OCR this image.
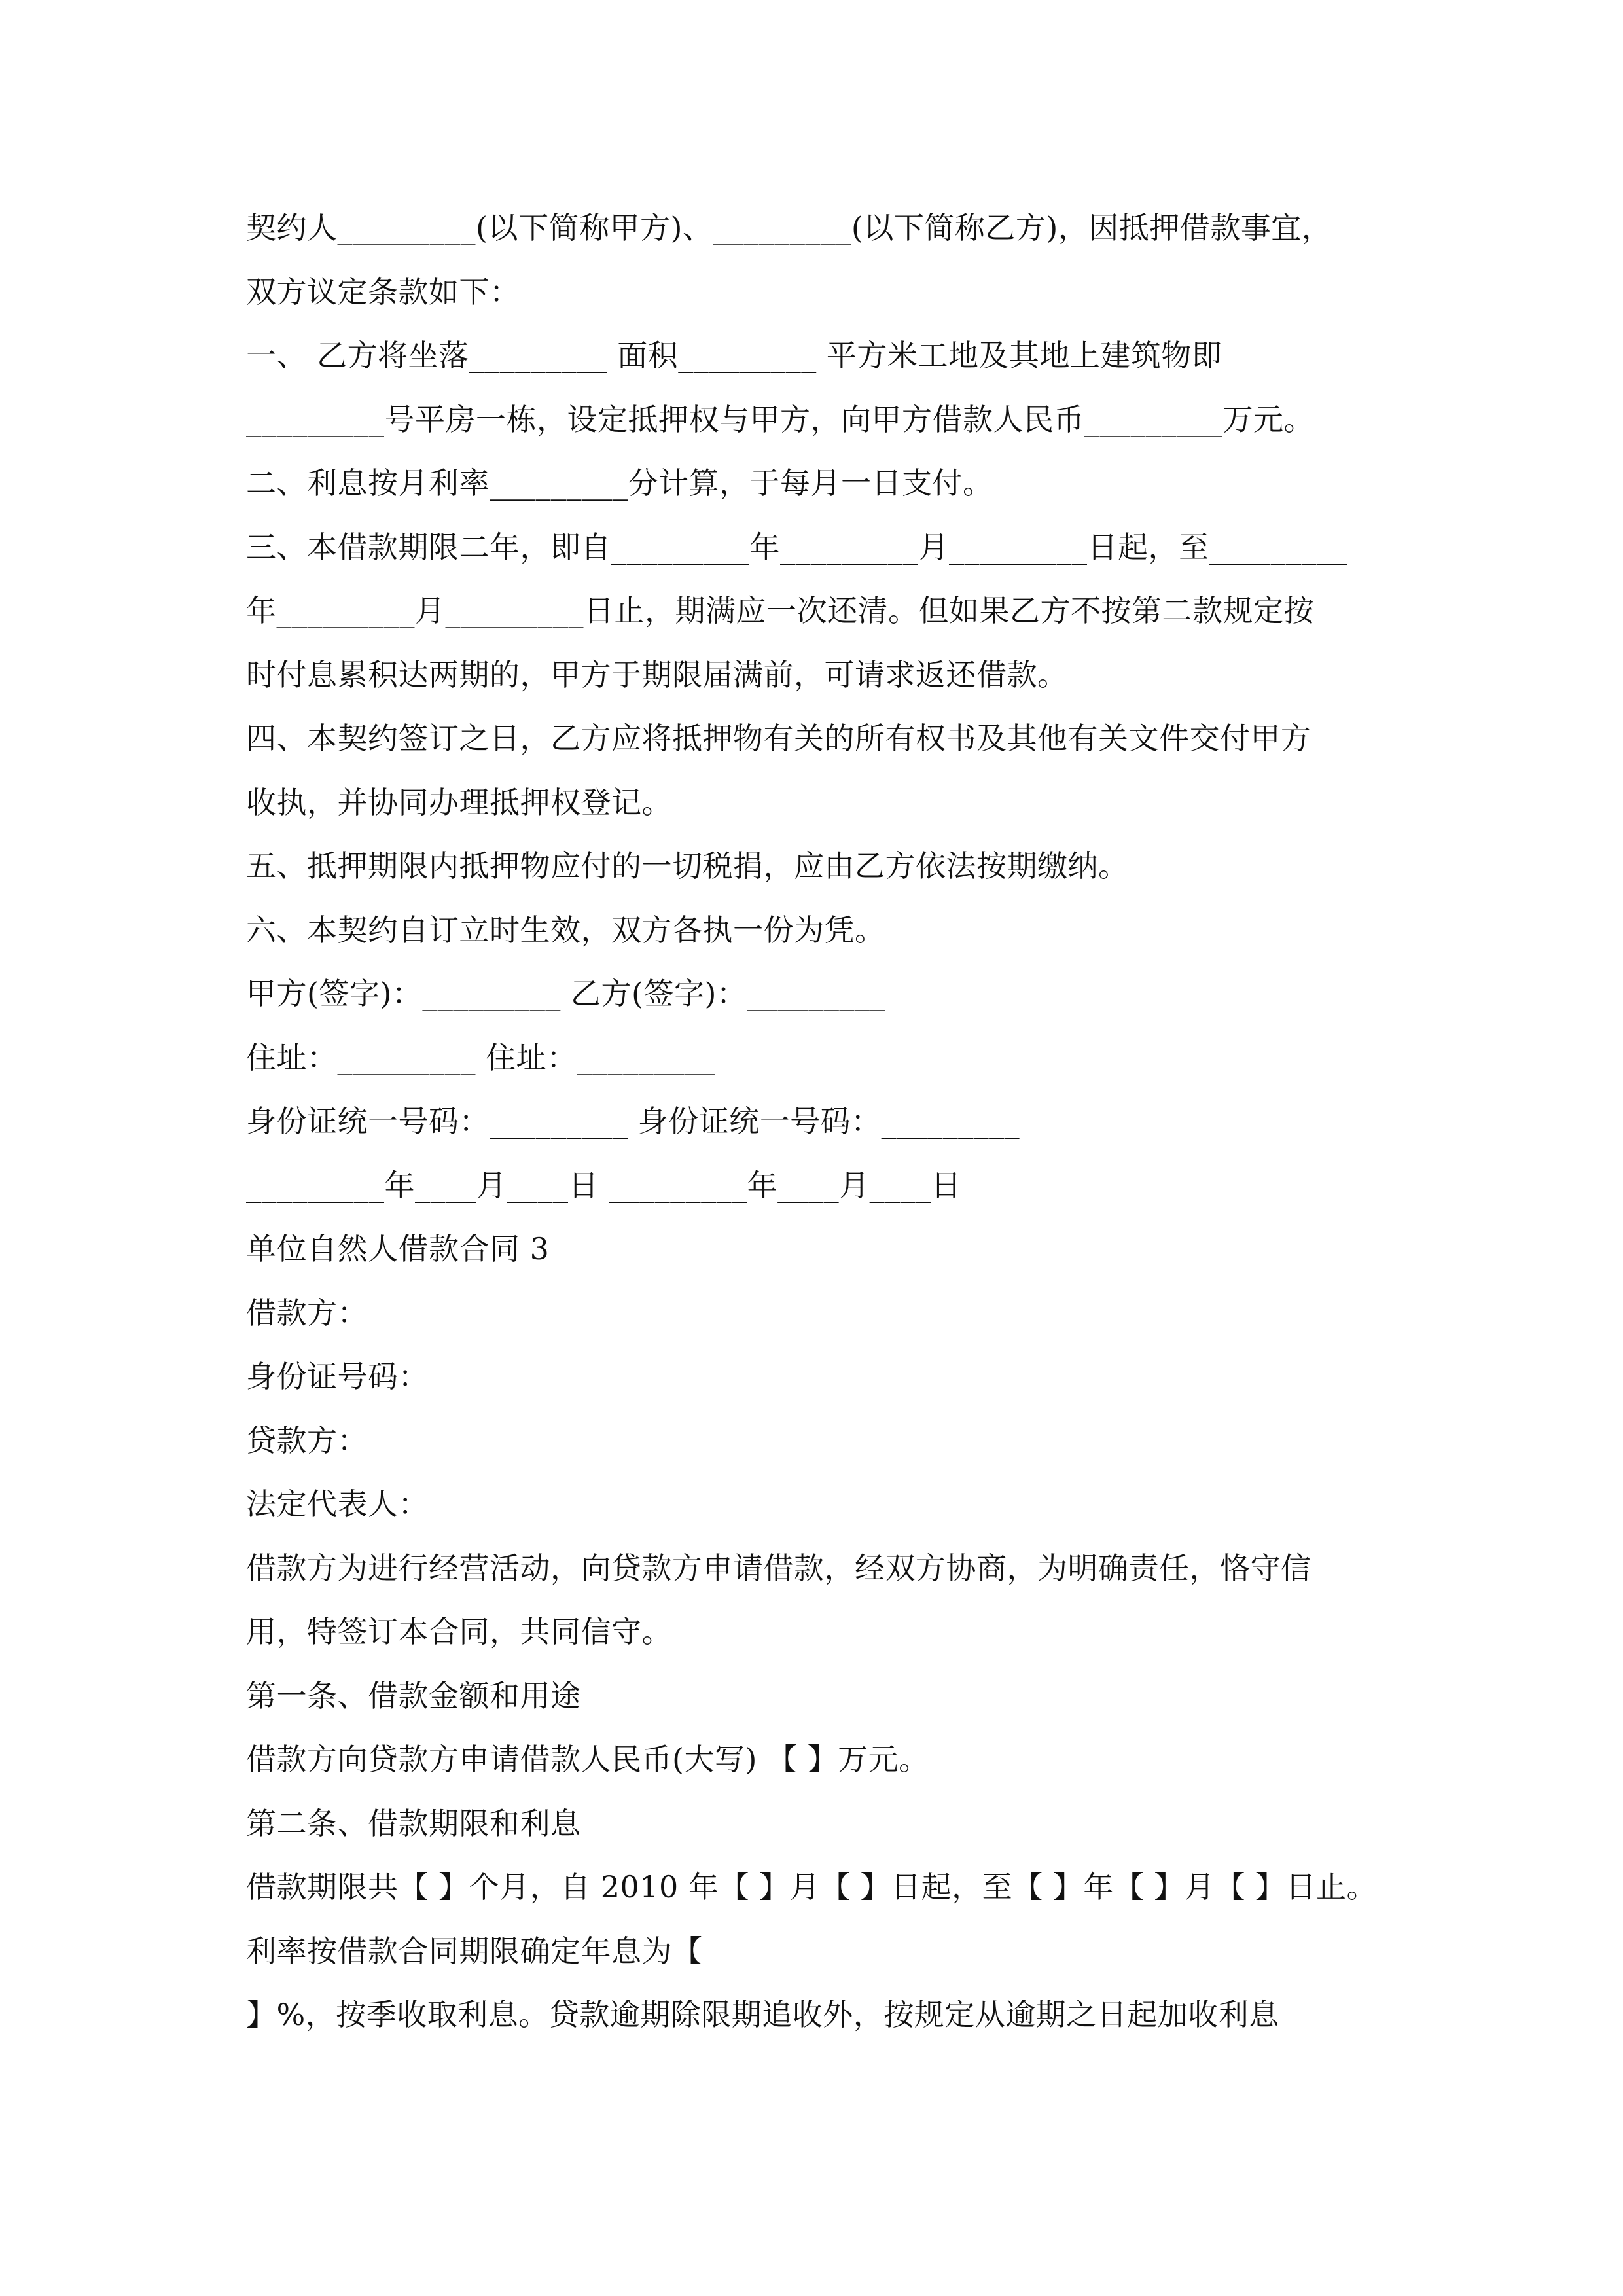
契约人_________(以下简称甲方)、_________(以下简称乙方)，因抵押借款事宜，
双方议定条款如下：
一、 乙方将坐落_________ 面积_________ 平方米工地及其地上建筑物即
_________号平房一栋，设定抵押权与甲方，向甲方借款人民币_________万元。
二、利息按月利率_________分计算，于每月一日支付。
三、本借款期限二年，即自_________年_________月_________日起，至_________
年_________月_________日止，期满应一次还清。但如果乙方不按第二款规定按
时付息累积达两期的，甲方于期限届满前，可请求返还借款。
四、本契约签订之日，乙方应将抵押物有关的所有权书及其他有关文件交付甲方
收执，并协同办理抵押权登记。
五、抵押期限内抵押物应付的一切税捐，应由乙方依法按期缴纳。
六、本契约自订立时生效，双方各执一份为凭。
甲方(签字)：_________ 乙方(签字)：_________
住址：_________ 住址：_________
身份证统一号码：_________ 身份证统一号码：_________
_________年____月____日 _________年____月____日
单位自然人借款合同 3
借款方：
身份证号码：
贷款方：
法定代表人：
借款方为进行经营活动，向贷款方申请借款，经双方协商，为明确责任，恪守信
用，特签订本合同，共同信守。
第一条、借款金额和用途
借款方向贷款方申请借款人民币(大写) 【 】万元。
第二条、借款期限和利息
借款期限共【 】个月，自 2010 年【 】月【 】日起，至【 】年【 】月【 】日止。
利率按借款合同期限确定年息为【
】%，按季收取利息。贷款逾期除限期追收外，按规定从逾期之日起加收利息
